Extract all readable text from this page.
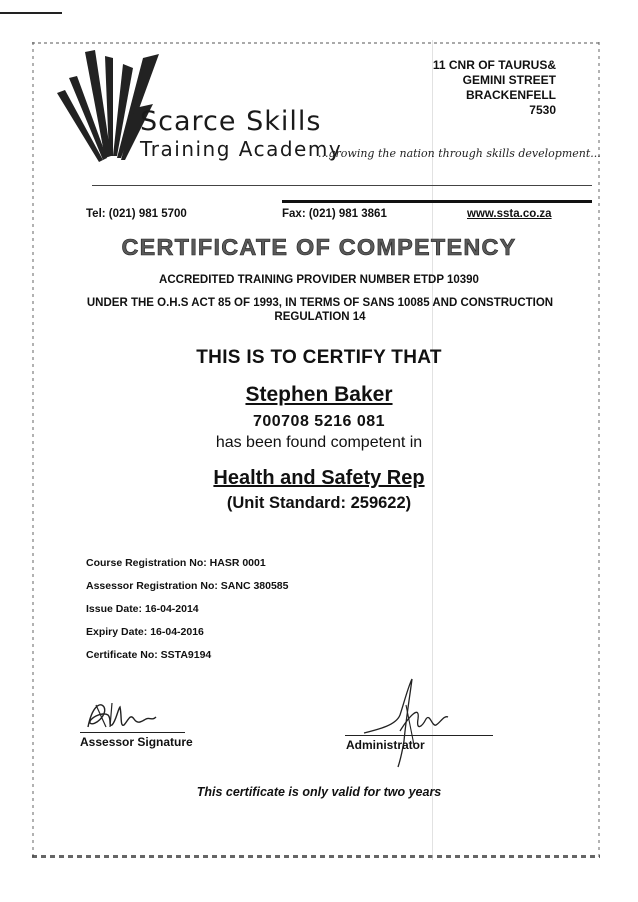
11 CNR OF TAURUS&
GEMINI STREET
BRACKENFELL
7530
Scarce Skills
Training Academy
...growing the nation through skills development...
Tel: (021) 981 5700	Fax: (021) 981 3861	www.ssta.co.za
CERTIFICATE OF COMPETENCY
ACCREDITED TRAINING PROVIDER NUMBER ETDP 10390
UNDER THE O.H.S ACT 85 OF 1993, IN TERMS OF SANS 10085 AND CONSTRUCTION
REGULATION 14
THIS IS TO CERTIFY THAT
Stephen Baker
700708 5216 081
has been found competent in
Health and Safety Rep
(Unit Standard: 259622)
Course Registration No: HASR 0001
Assessor Registration No: SANC 380585
Issue Date: 16-04-2014
Expiry Date: 16-04-2016
Certificate No: SSTA9194
Assessor Signature	Administrator
This certificate is only valid for two years
